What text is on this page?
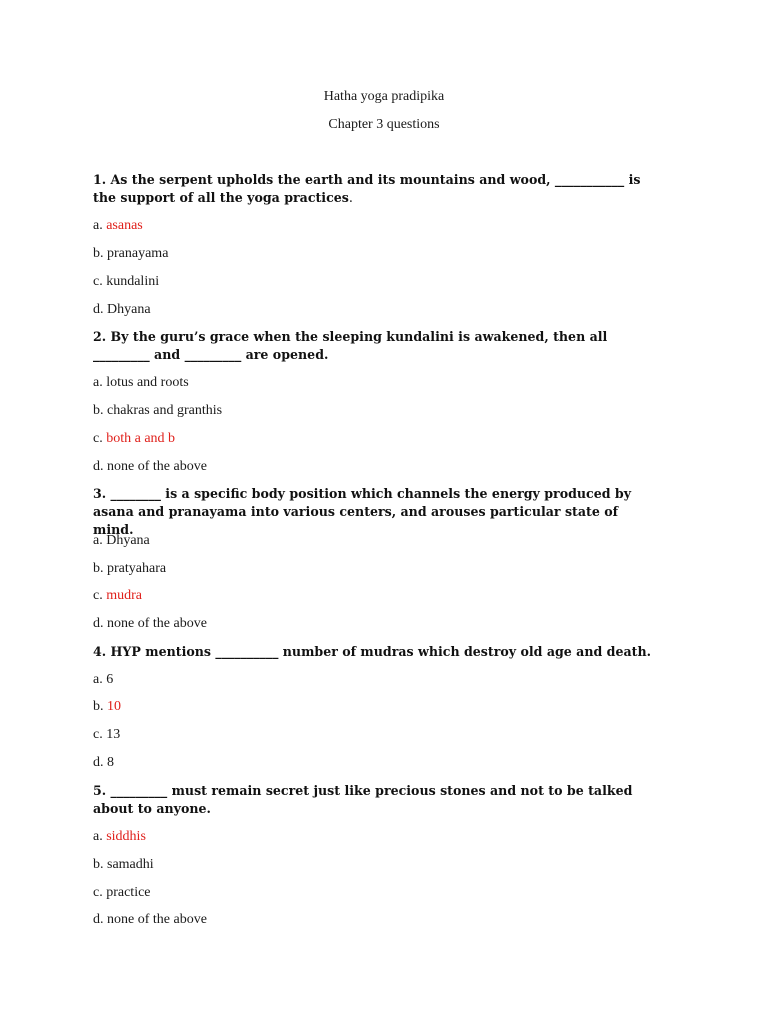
Hatha yoga pradipika
Chapter 3 questions
1. As the serpent upholds the earth and its mountains and wood, ___________ is the support of all the yoga practices.
a. asanas
b. pranayama
c. kundalini
d. Dhyana
2. By the guru’s grace when the sleeping kundalini is awakened, then all _________ and _________ are opened.
a. lotus and roots
b. chakras and granthis
c. both a and b
d. none of the above
3. ________ is a specific body position which channels the energy produced by asana and pranayama into various centers, and arouses particular state of mind.
a. Dhyana
b. pratyahara
c. mudra
d. none of the above
4. HYP mentions __________ number of mudras which destroy old age and death.
a. 6
b. 10
c. 13
d. 8
5. _________ must remain secret just like precious stones and not to be talked about to anyone.
a. siddhis
b. samadhi
c. practice
d. none of the above
